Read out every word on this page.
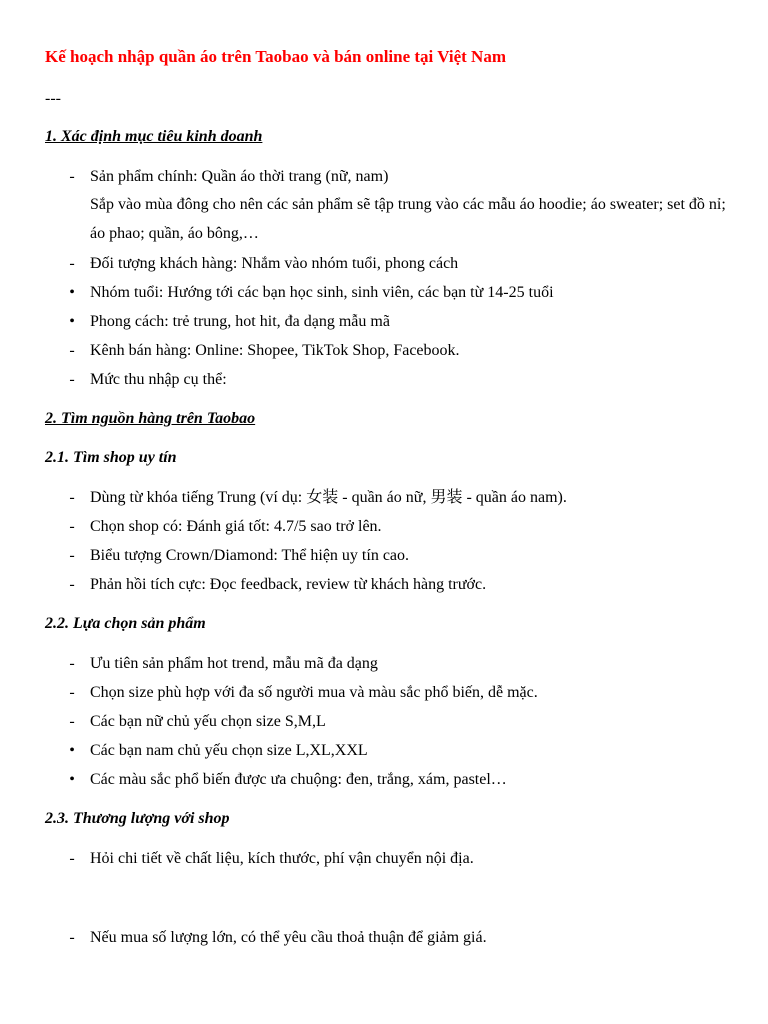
Kế hoạch nhập quần áo trên Taobao và bán online tại Việt Nam
---
1. Xác định mục tiêu kinh doanh
- Sản phẩm chính: Quần áo thời trang (nữ, nam)
Sắp vào mùa đông cho nên các sản phẩm sẽ tập trung vào các mẫu áo hoodie; áo sweater; set đồ nỉ; áo phao; quần, áo bông,…
- Đối tượng khách hàng: Nhắm vào nhóm tuổi, phong cách
• Nhóm tuổi: Hướng tới các bạn học sinh, sinh viên, các bạn từ 14-25 tuổi
• Phong cách: trẻ trung, hot hit, đa dạng mẫu mã
- Kênh bán hàng: Online: Shopee, TikTok Shop, Facebook.
- Mức thu nhập cụ thể:
2. Tìm nguồn hàng trên Taobao
2.1. Tìm shop uy tín
- Dùng từ khóa tiếng Trung (ví dụ: 女装 - quần áo nữ, 男装 - quần áo nam).
- Chọn shop có: Đánh giá tốt: 4.7/5 sao trở lên.
- Biểu tượng Crown/Diamond: Thể hiện uy tín cao.
- Phản hồi tích cực: Đọc feedback, review từ khách hàng trước.
2.2. Lựa chọn sản phẩm
- Ưu tiên sản phẩm hot trend, mẫu mã đa dạng
- Chọn size phù hợp với đa số người mua và màu sắc phổ biến, dễ mặc.
- Các bạn nữ chủ yếu chọn size S,M,L
• Các bạn nam chủ yếu chọn size L,XL,XXL
• Các màu sắc phổ biến được ưa chuộng: đen, trắng, xám, pastel…
2.3. Thương lượng với shop
- Hỏi chi tiết về chất liệu, kích thước, phí vận chuyển nội địa.
- Nếu mua số lượng lớn, có thể yêu cầu thoả thuận để giảm giá.
